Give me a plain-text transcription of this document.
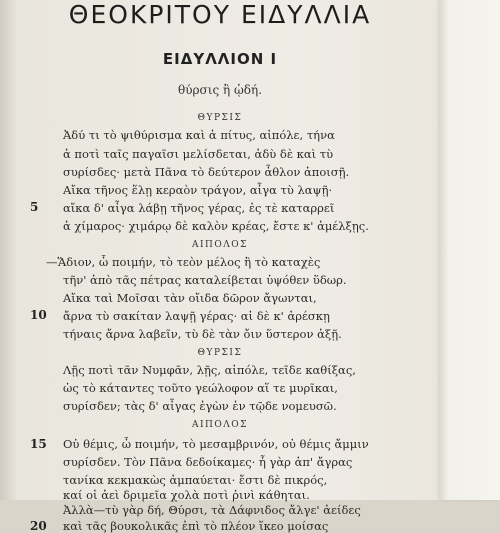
ΘΕΟΚΡΙΤΟΥ ΕΙΔΥΛΛΙΑ
ΕΙΔΥΛΛΙΟΝ Ι
θύρσις ἢ ᾠδή.
ΘΥΡΣΙΣ
Ἀδύ τι τὸ ψιθύρισμα καὶ ἁ πίτυς, αἰπόλε, τήνα
ἁ ποτὶ ταῖς παγαῖσι μελίσδεται, ἁδὺ δὲ καὶ τὺ
συρίσδες· μετὰ Πᾶνα τὸ δεύτερον ἆθλον ἀποισῇ.
Αἴκα τῆνος ἕλῃ κεραὸν τράγον, αἶγα τὺ λαψῇ·
5 αἴκα δ' αἶγα λάβῃ τῆνος γέρας, ἐς τὲ καταρρεῖ
ἁ χίμαρος· χιμάρῳ δὲ καλὸν κρέας, ἔστε κ' ἀμέλξῃς.
ΑΙΠΟΛΟΣ
—Ἅδιον, ὦ ποιμήν, τὸ τεὸν μέλος ἢ τὸ καταχὲς
τῆν' ἀπὸ τᾶς πέτρας καταλείβεται ὑψόθεν ὕδωρ.
Αἴκα ταὶ Μοῖσαι τὰν οἴιδα δῶρον ἄγωνται,
10 ἄρνα τὺ σακίταν λαψῇ γέρας· αἰ δὲ κ' ἀρέσκῃ
τήναις ἄρνα λαβεῖν, τὺ δὲ τὰν ὄιν ὕστερον ἀξῇ.
ΘΥΡΣΙΣ
Λῇς ποτὶ τᾶν Νυμφᾶν, λῇς, αἰπόλε, τεῖδε καθίξας,
ὡς τὸ κάταντες τοῦτο γεώλοφον αἵ τε μυρῖκαι,
συρίσδεν; τὰς δ' αἶγας ἐγὼν ἐν τῷδε νομευσῶ.
ΑΙΠΟΛΟΣ
15 Οὐ θέμις, ὦ ποιμήν, τὸ μεσαμβρινόν, οὐ θέμις ἄμμιν
συρίσδεν. Τὸν Πᾶνα δεδοίκαμες· ἦ γὰρ ἀπ' ἄγρας
τανίκα κεκμακὼς ἀμπαύεται· ἔστι δὲ πικρός,
καί οἱ ἀεὶ δριμεῖα χολὰ ποτὶ ῥινὶ κάθηται.
Ἀλλὰ—τὺ γὰρ δή, Θύρσι, τὰ Δάφνιδος ἄλγε' ἀείδες
20 καὶ τᾶς βουκολικᾶς ἐπὶ τὸ πλέον ἵκεο μοίσας
